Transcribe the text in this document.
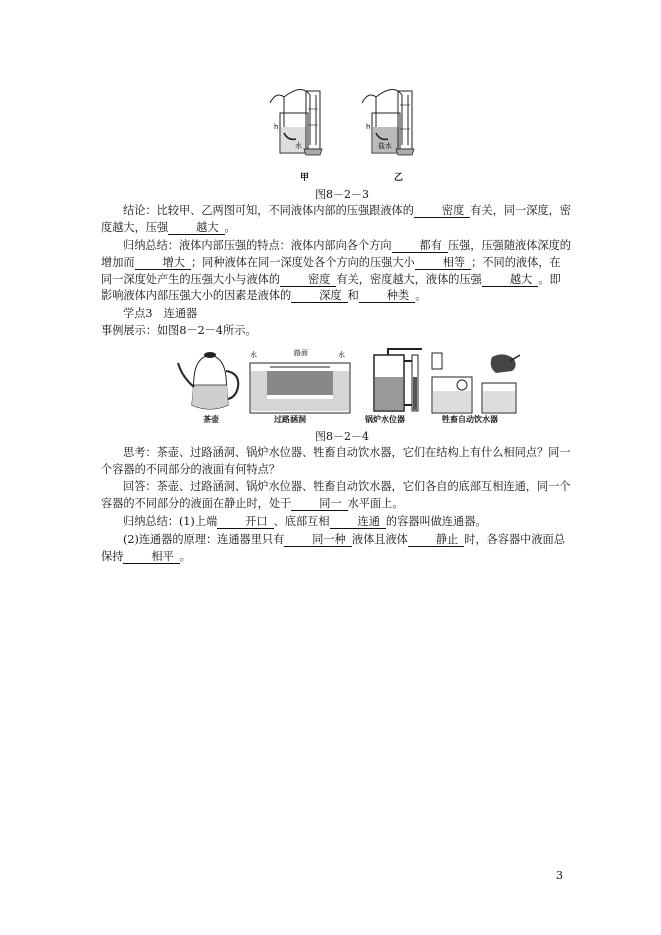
h
水
h
盐水
甲	乙
图8－2－3

结论：比较甲、乙两图可知，不同液体内部的压强跟液体的	密度 有关，同一深度，密度越大，压强	越大 。

归纳总结：液体内部压强的特点：液体内部向各个方向	都有 压强，压强随液体深度的增加而	增大 ；同种液体在同一深度处各个方向的压强大小	相等 ；不同的液体，在同一深度处产生的压强大小与液体的	密度 有关，密度越大，液体的压强	越大 。即影响液体内部压强大小的因素是液体的	深度 和	种类 。

学点3　连通器

事例展示：如图8－2－4所示。

水	路面	水
茶壶	过路涵洞	锅炉水位器	牲畜自动饮水器
图8－2－4

思考：茶壶、过路涵洞、锅炉水位器、牲畜自动饮水器，它们在结构上有什么相同点？同一个容器的不同部分的液面有何特点？

回答：茶壶、过路涵洞、锅炉水位器、牲畜自动饮水器，它们各自的底部互相连通，同一个容器的不同部分的液面在静止时，处于	同一 水平面上。

归纳总结：(1)上端	开口 、底部互相	连通 的容器叫做连通器。

(2)连通器的原理：连通器里只有	同一种 液体且液体	静止 时，各容器中液面总保持	相平 。

3
